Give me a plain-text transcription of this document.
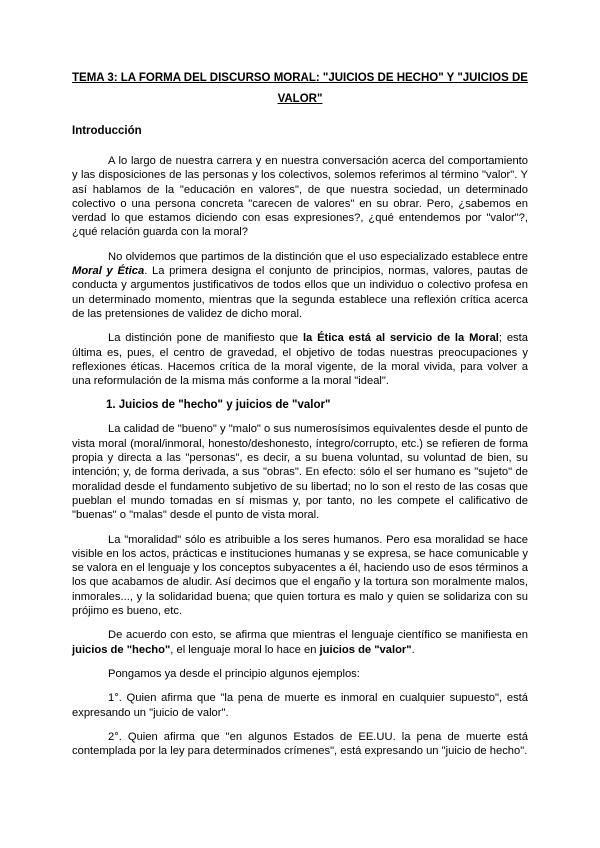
TEMA 3: LA FORMA DEL DISCURSO MORAL: "JUICIOS DE HECHO" Y "JUICIOS DE VALOR"
Introducción

A lo largo de nuestra carrera y en nuestra conversación acerca del comportamiento y las disposiciones de las personas y los colectivos, solemos referimos al término "valor". Y así hablamos de la "educación en valores", de que nuestra sociedad, un determinado colectivo o una persona concreta "carecen de valores" en su obrar. Pero, ¿sabemos en verdad lo que estamos diciendo con esas expresiones?, ¿qué entendemos por "valor"?, ¿qué relación guarda con la moral?

No olvidemos que partimos de la distinción que el uso especializado establece entre Moral y Ética. La primera designa el conjunto de principios, normas, valores, pautas de conducta y argumentos justificativos de todos ellos que un individuo o colectivo profesa en un determinado momento, mientras que la segunda establece una reflexión crítica acerca de las pretensiones de validez de dicho moral.

La distinción pone de manifiesto que la Ética está al servicio de la Moral; esta última es, pues, el centro de gravedad, el objetivo de todas nuestras preocupaciones y reflexiones éticas. Hacemos crítica de la moral vigente, de la moral vivida, para volver a una reformulación de la misma más conforme a la moral "ideal".

1. Juicios de "hecho" y juicios de "valor"

La calidad de "bueno" y "malo" o sus numerosísimos equivalentes desde el punto de vista moral (moral/inmoral, honesto/deshonesto, íntegro/corrupto, etc.) se refieren de forma propia y directa a las "personas", es decir, a su buena voluntad, su voluntad de bien, su intención; y, de forma derivada, a sus "obras". En efecto: sólo el ser humano es "sujeto" de moralidad desde el fundamento subjetivo de su libertad; no lo son el resto de las cosas que pueblan el mundo tomadas en sí mismas y, por tanto, no les compete el calificativo de "buenas" o "malas" desde el punto de vista moral.

La "moralidad" sólo es atribuible a los seres humanos. Pero esa moralidad se hace visible en los actos, prácticas e instituciones humanas y se expresa, se hace comunicable y se valora en el lenguaje y los conceptos subyacentes a él, haciendo uso de esos términos a los que acabamos de aludir. Así decimos que el engaño y la tortura son moralmente malos, inmorales..., y la solidaridad buena; que quien tortura es malo y quien se solidariza con su prójimo es bueno, etc.

De acuerdo con esto, se afirma que mientras el lenguaje científico se manifiesta en juicios de "hecho", el lenguaje moral lo hace en juicios de "valor".

Pongamos ya desde el principio algunos ejemplos:

1°. Quien afirma que "la pena de muerte es inmoral en cualquier supuesto", está expresando un "juicio de valor".

2°. Quien afirma que "en algunos Estados de EE.UU. la pena de muerte está contemplada por la ley para determinados crímenes", está expresando un "juicio de hecho".
